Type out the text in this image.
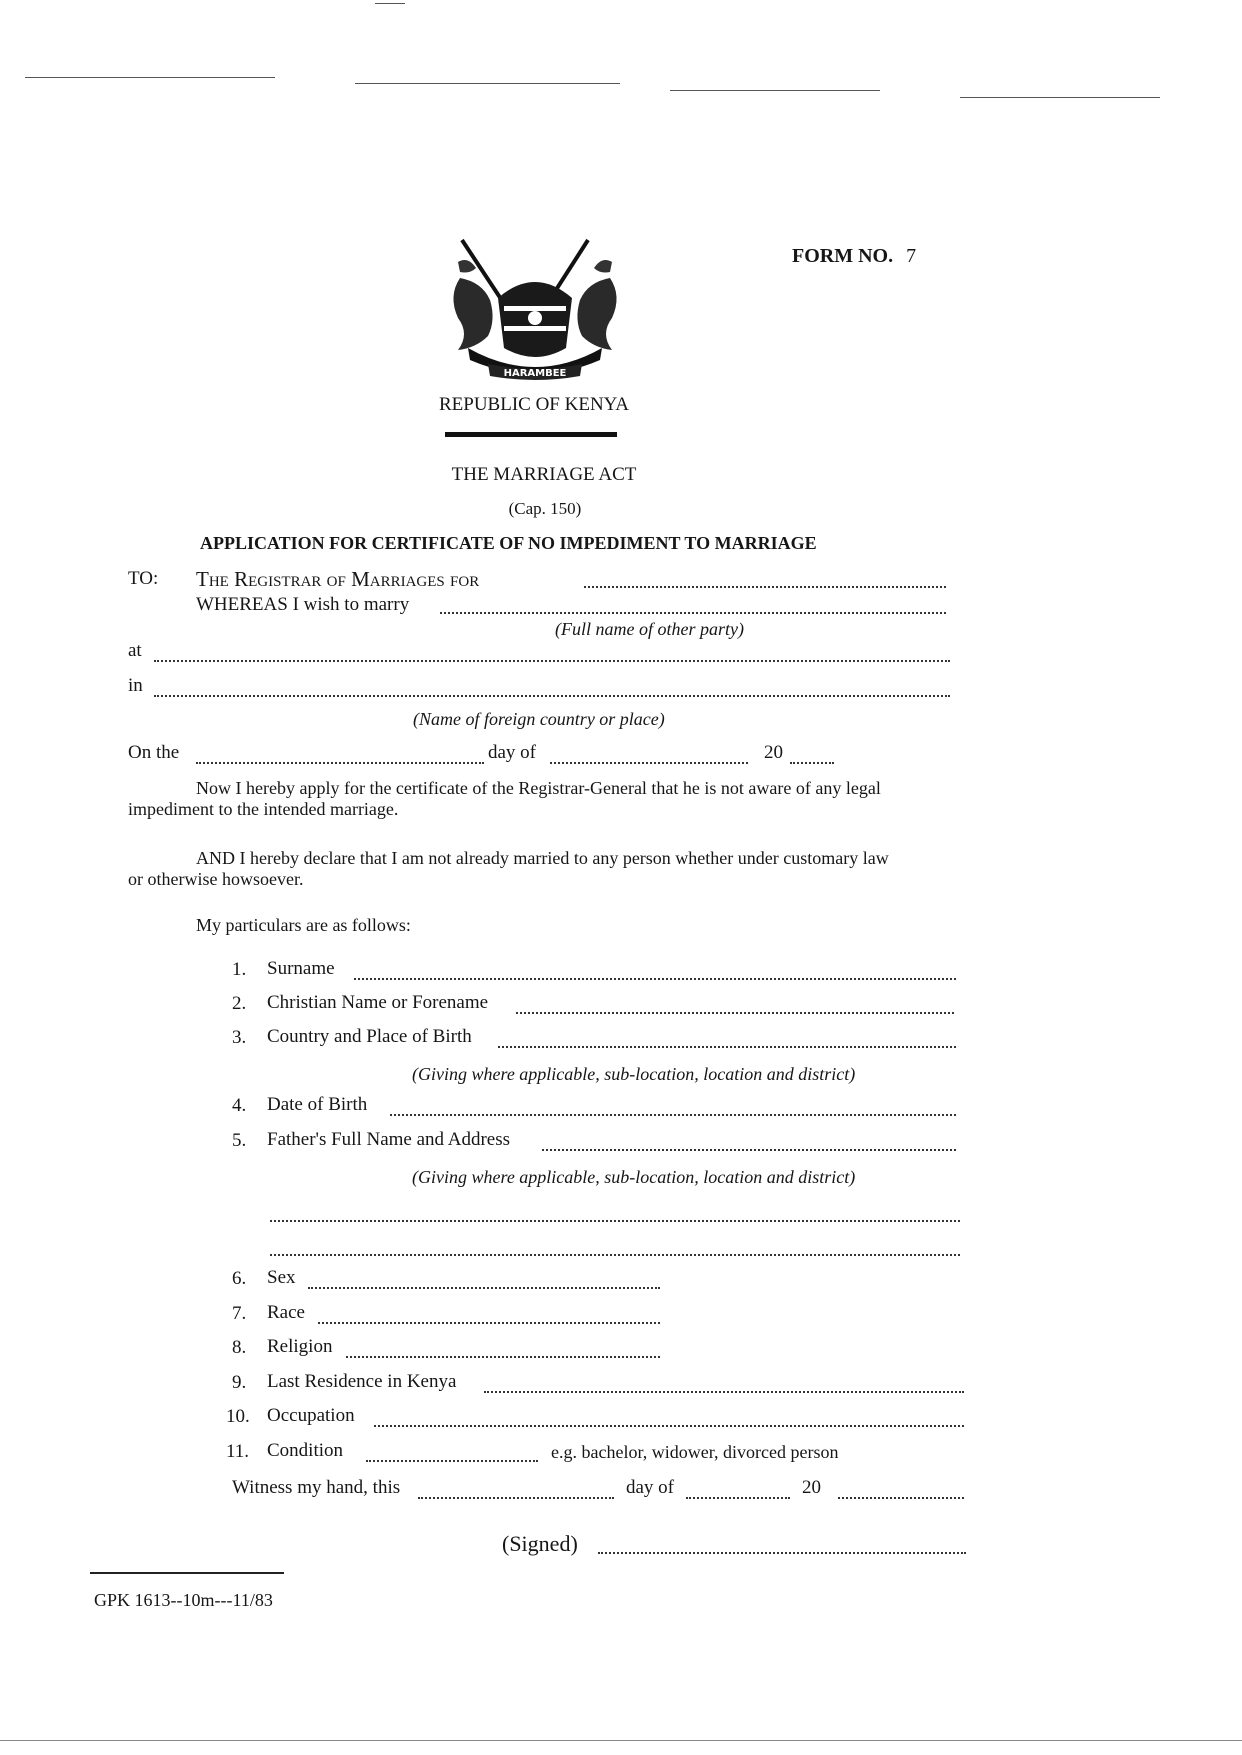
FORM NO. 7
HARAMBEE
REPUBLIC OF KENYA
THE MARRIAGE ACT
(Cap. 150)
APPLICATION FOR CERTIFICATE OF NO IMPEDIMENT TO MARRIAGE
TO: The Registrar of Marriages for
WHEREAS I wish to marry
(Full name of other party)
at
in
(Name of foreign country or place)
On the	day of	20
Now I hereby apply for the certificate of the Registrar-General that he is not aware of any legal
impediment to the intended marriage.
AND I hereby declare that I am not already married to any person whether under customary law
or otherwise howsoever.
My particulars are as follows:
1. Surname
2. Christian Name or Forename
3. Country and Place of Birth
(Giving where applicable, sub-location, location and district)
4. Date of Birth
5. Father's Full Name and Address
(Giving where applicable, sub-location, location and district)
6. Sex
7. Race
8. Religion
9. Last Residence in Kenya
10. Occupation
11. Condition	e.g. bachelor, widower, divorced person
Witness my hand, this	day of	20
(Signed)
GPK 1613--10m---11/83
